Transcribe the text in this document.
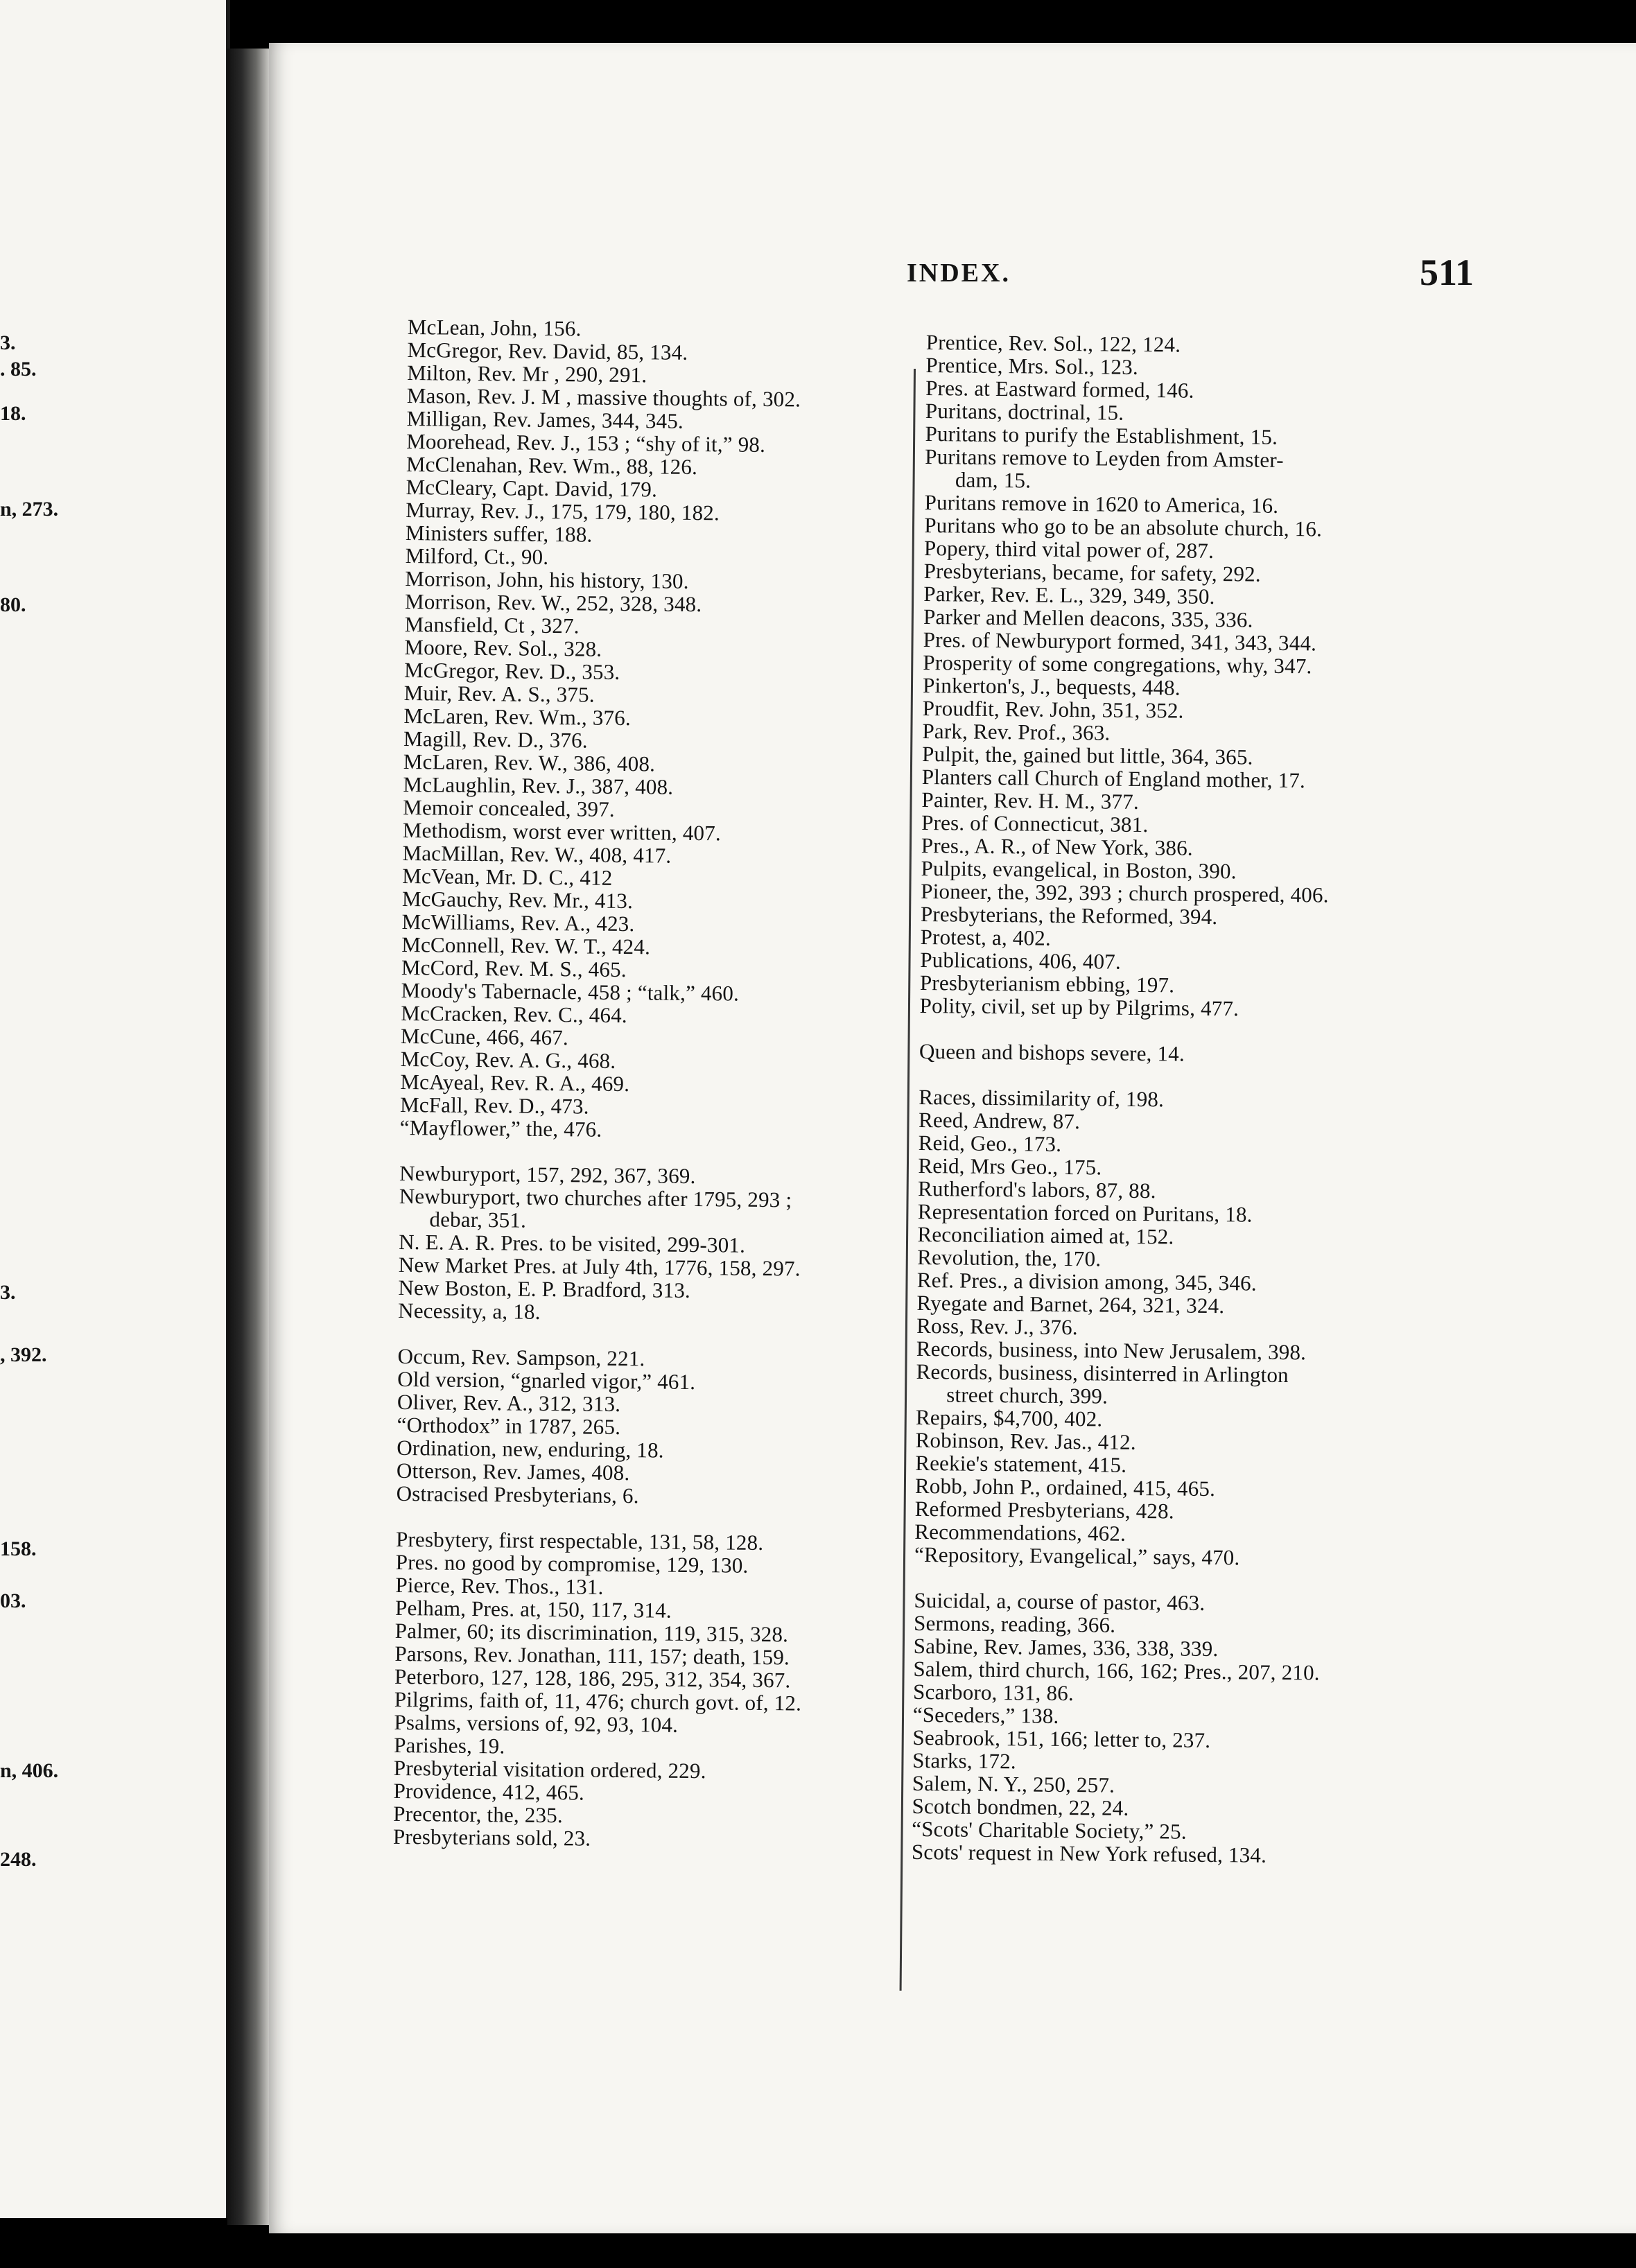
3.
. 85.
18.
n, 273.
80.
3.
, 392.
158.
03.
n, 406.
248.
INDEX.	511
McLean, John, 156.
McGregor, Rev. David, 85, 134.
Milton, Rev. Mr , 290, 291.
Mason, Rev. J. M , massive thoughts of, 302.
Milligan, Rev. James, 344, 345.
Moorehead, Rev. J., 153 ; “shy of it,” 98.
McClenahan, Rev. Wm., 88, 126.
McCleary, Capt. David, 179.
Murray, Rev. J., 175, 179, 180, 182.
Ministers suffer, 188.
Milford, Ct., 90.
Morrison, John, his history, 130.
Morrison, Rev. W., 252, 328, 348.
Mansfield, Ct , 327.
Moore, Rev. Sol., 328.
McGregor, Rev. D., 353.
Muir, Rev. A. S., 375.
McLaren, Rev. Wm., 376.
Magill, Rev. D., 376.
McLaren, Rev. W., 386, 408.
McLaughlin, Rev. J., 387, 408.
Memoir concealed, 397.
Methodism, worst ever written, 407.
MacMillan, Rev. W., 408, 417.
McVean, Mr. D. C., 412
McGauchy, Rev. Mr., 413.
McWilliams, Rev. A., 423.
McConnell, Rev. W. T., 424.
McCord, Rev. M. S., 465.
Moody's Tabernacle, 458 ; “talk,” 460.
McCracken, Rev. C., 464.
McCune, 466, 467.
McCoy, Rev. A. G., 468.
McAyeal, Rev. R. A., 469.
McFall, Rev. D., 473.
“Mayflower,” the, 476.
Newburyport, 157, 292, 367, 369.
Newburyport, two churches after 1795, 293 ;
debar, 351.
N. E. A. R. Pres. to be visited, 299-301.
New Market Pres. at July 4th, 1776, 158, 297.
New Boston, E. P. Bradford, 313.
Necessity, a, 18.
Occum, Rev. Sampson, 221.
Old version, “gnarled vigor,” 461.
Oliver, Rev. A., 312, 313.
“Orthodox” in 1787, 265.
Ordination, new, enduring, 18.
Otterson, Rev. James, 408.
Ostracised Presbyterians, 6.
Presbytery, first respectable, 131, 58, 128.
Pres. no good by compromise, 129, 130.
Pierce, Rev. Thos., 131.
Pelham, Pres. at, 150, 117, 314.
Palmer, 60; its discrimination, 119, 315, 328.
Parsons, Rev. Jonathan, 111, 157; death, 159.
Peterboro, 127, 128, 186, 295, 312, 354, 367.
Pilgrims, faith of, 11, 476; church govt. of, 12.
Psalms, versions of, 92, 93, 104.
Parishes, 19.
Presbyterial visitation ordered, 229.
Providence, 412, 465.
Precentor, the, 235.
Presbyterians sold, 23.
Prentice, Rev. Sol., 122, 124.
Prentice, Mrs. Sol., 123.
Pres. at Eastward formed, 146.
Puritans, doctrinal, 15.
Puritans to purify the Establishment, 15.
Puritans remove to Leyden from Amster-
dam, 15.
Puritans remove in 1620 to America, 16.
Puritans who go to be an absolute church, 16.
Popery, third vital power of, 287.
Presbyterians, became, for safety, 292.
Parker, Rev. E. L., 329, 349, 350.
Parker and Mellen deacons, 335, 336.
Pres. of Newburyport formed, 341, 343, 344.
Prosperity of some congregations, why, 347.
Pinkerton's, J., bequests, 448.
Proudfit, Rev. John, 351, 352.
Park, Rev. Prof., 363.
Pulpit, the, gained but little, 364, 365.
Planters call Church of England mother, 17.
Painter, Rev. H. M., 377.
Pres. of Connecticut, 381.
Pres., A. R., of New York, 386.
Pulpits, evangelical, in Boston, 390.
Pioneer, the, 392, 393 ; church prospered, 406.
Presbyterians, the Reformed, 394.
Protest, a, 402.
Publications, 406, 407.
Presbyterianism ebbing, 197.
Polity, civil, set up by Pilgrims, 477.
Queen and bishops severe, 14.
Races, dissimilarity of, 198.
Reed, Andrew, 87.
Reid, Geo., 173.
Reid, Mrs Geo., 175.
Rutherford's labors, 87, 88.
Representation forced on Puritans, 18.
Reconciliation aimed at, 152.
Revolution, the, 170.
Ref. Pres., a division among, 345, 346.
Ryegate and Barnet, 264, 321, 324.
Ross, Rev. J., 376.
Records, business, into New Jerusalem, 398.
Records, business, disinterred in Arlington
street church, 399.
Repairs, $4,700, 402.
Robinson, Rev. Jas., 412.
Reekie's statement, 415.
Robb, John P., ordained, 415, 465.
Reformed Presbyterians, 428.
Recommendations, 462.
“Repository, Evangelical,” says, 470.
Suicidal, a, course of pastor, 463.
Sermons, reading, 366.
Sabine, Rev. James, 336, 338, 339.
Salem, third church, 166, 162; Pres., 207, 210.
Scarboro, 131, 86.
“Seceders,” 138.
Seabrook, 151, 166; letter to, 237.
Starks, 172.
Salem, N. Y., 250, 257.
Scotch bondmen, 22, 24.
“Scots' Charitable Society,” 25.
Scots' request in New York refused, 134.
